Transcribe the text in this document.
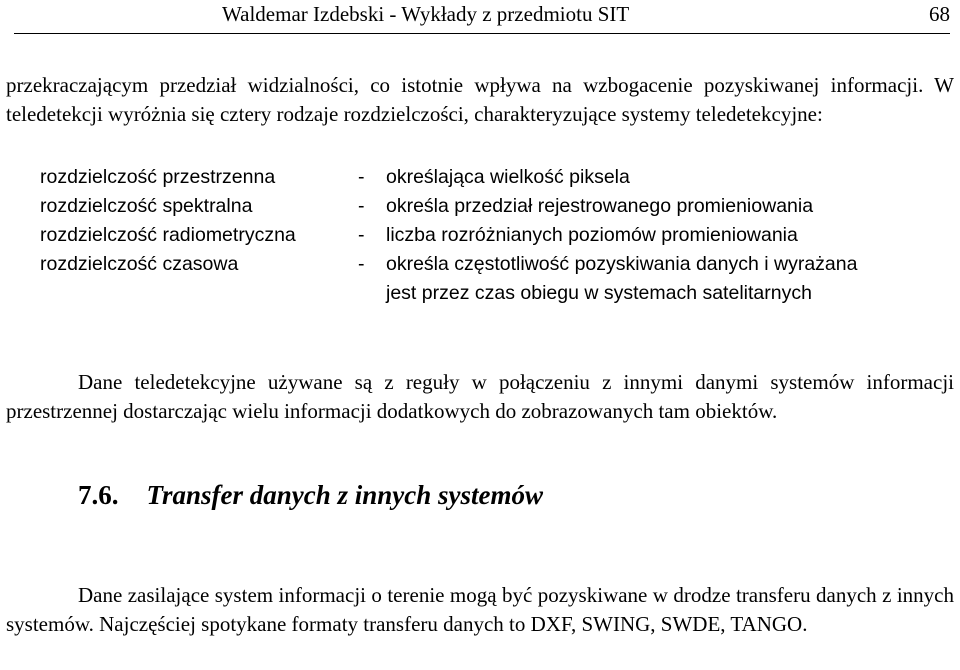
Waldemar Izdebski - Wykłady z przedmiotu SIT	68

przekraczającym przedział widzialności, co istotnie wpływa na wzbogacenie pozyskiwanej informacji. W teledetekcji wyróżnia się cztery rodzaje rozdzielczości, charakteryzujące systemy teledetekcyjne:

rozdzielczość przestrzenna	-	określająca wielkość piksela
rozdzielczość spektralna	-	określa przedział rejestrowanego promieniowania
rozdzielczość radiometryczna	-	liczba rozróżnianych poziomów promieniowania
rozdzielczość czasowa	-	określa częstotliwość pozyskiwania danych i wyrażana
jest przez czas obiegu w systemach satelitarnych

Dane teledetekcyjne używane są z reguły w połączeniu z innymi danymi systemów informacji przestrzennej dostarczając wielu informacji dodatkowych do zobrazowanych tam obiektów.

7.6. Transfer danych z innych systemów

Dane zasilające system informacji o terenie mogą być pozyskiwane w drodze transferu danych z innych systemów. Najczęściej spotykane formaty transferu danych to DXF, SWING, SWDE, TANGO.
